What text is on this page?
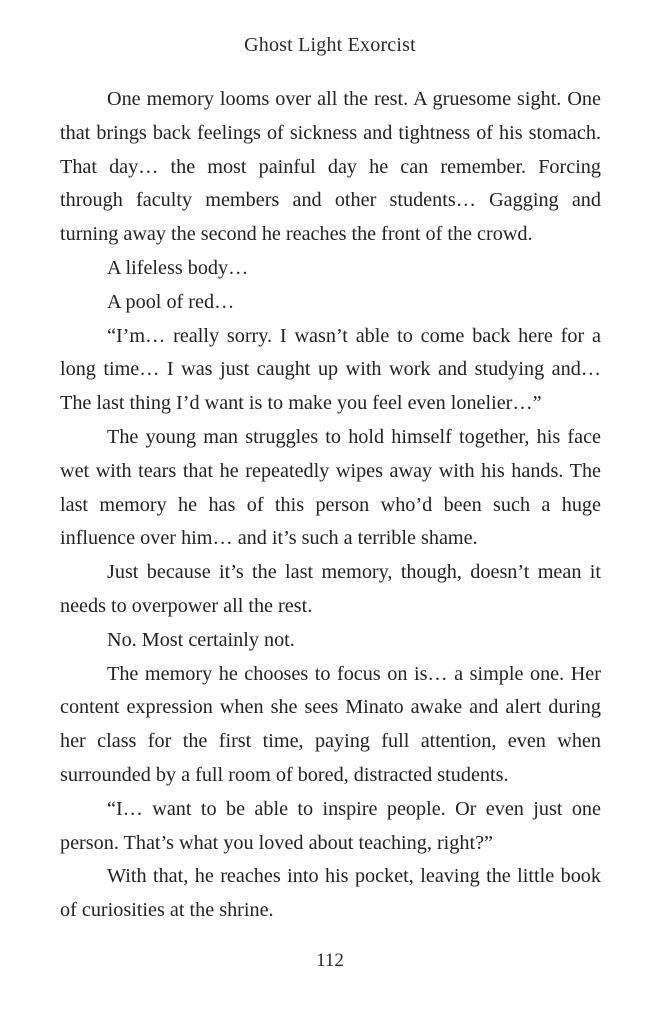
Ghost Light Exorcist

One memory looms over all the rest. A gruesome sight. One that brings back feelings of sickness and tightness of his stomach. That day… the most painful day he can remember. Forcing through faculty members and other students… Gagging and turning away the second he reaches the front of the crowd.

A lifeless body…

A pool of red…

“I’m… really sorry. I wasn’t able to come back here for a long time… I was just caught up with work and studying and… The last thing I’d want is to make you feel even lonelier…”

The young man struggles to hold himself together, his face wet with tears that he repeatedly wipes away with his hands. The last memory he has of this person who’d been such a huge influence over him… and it’s such a terrible shame.

Just because it’s the last memory, though, doesn’t mean it needs to overpower all the rest.

No. Most certainly not.

The memory he chooses to focus on is… a simple one. Her content expression when she sees Minato awake and alert during her class for the first time, paying full attention, even when surrounded by a full room of bored, distracted students.

“I… want to be able to inspire people. Or even just one person. That’s what you loved about teaching, right?”

With that, he reaches into his pocket, leaving the little book of curiosities at the shrine.

112
